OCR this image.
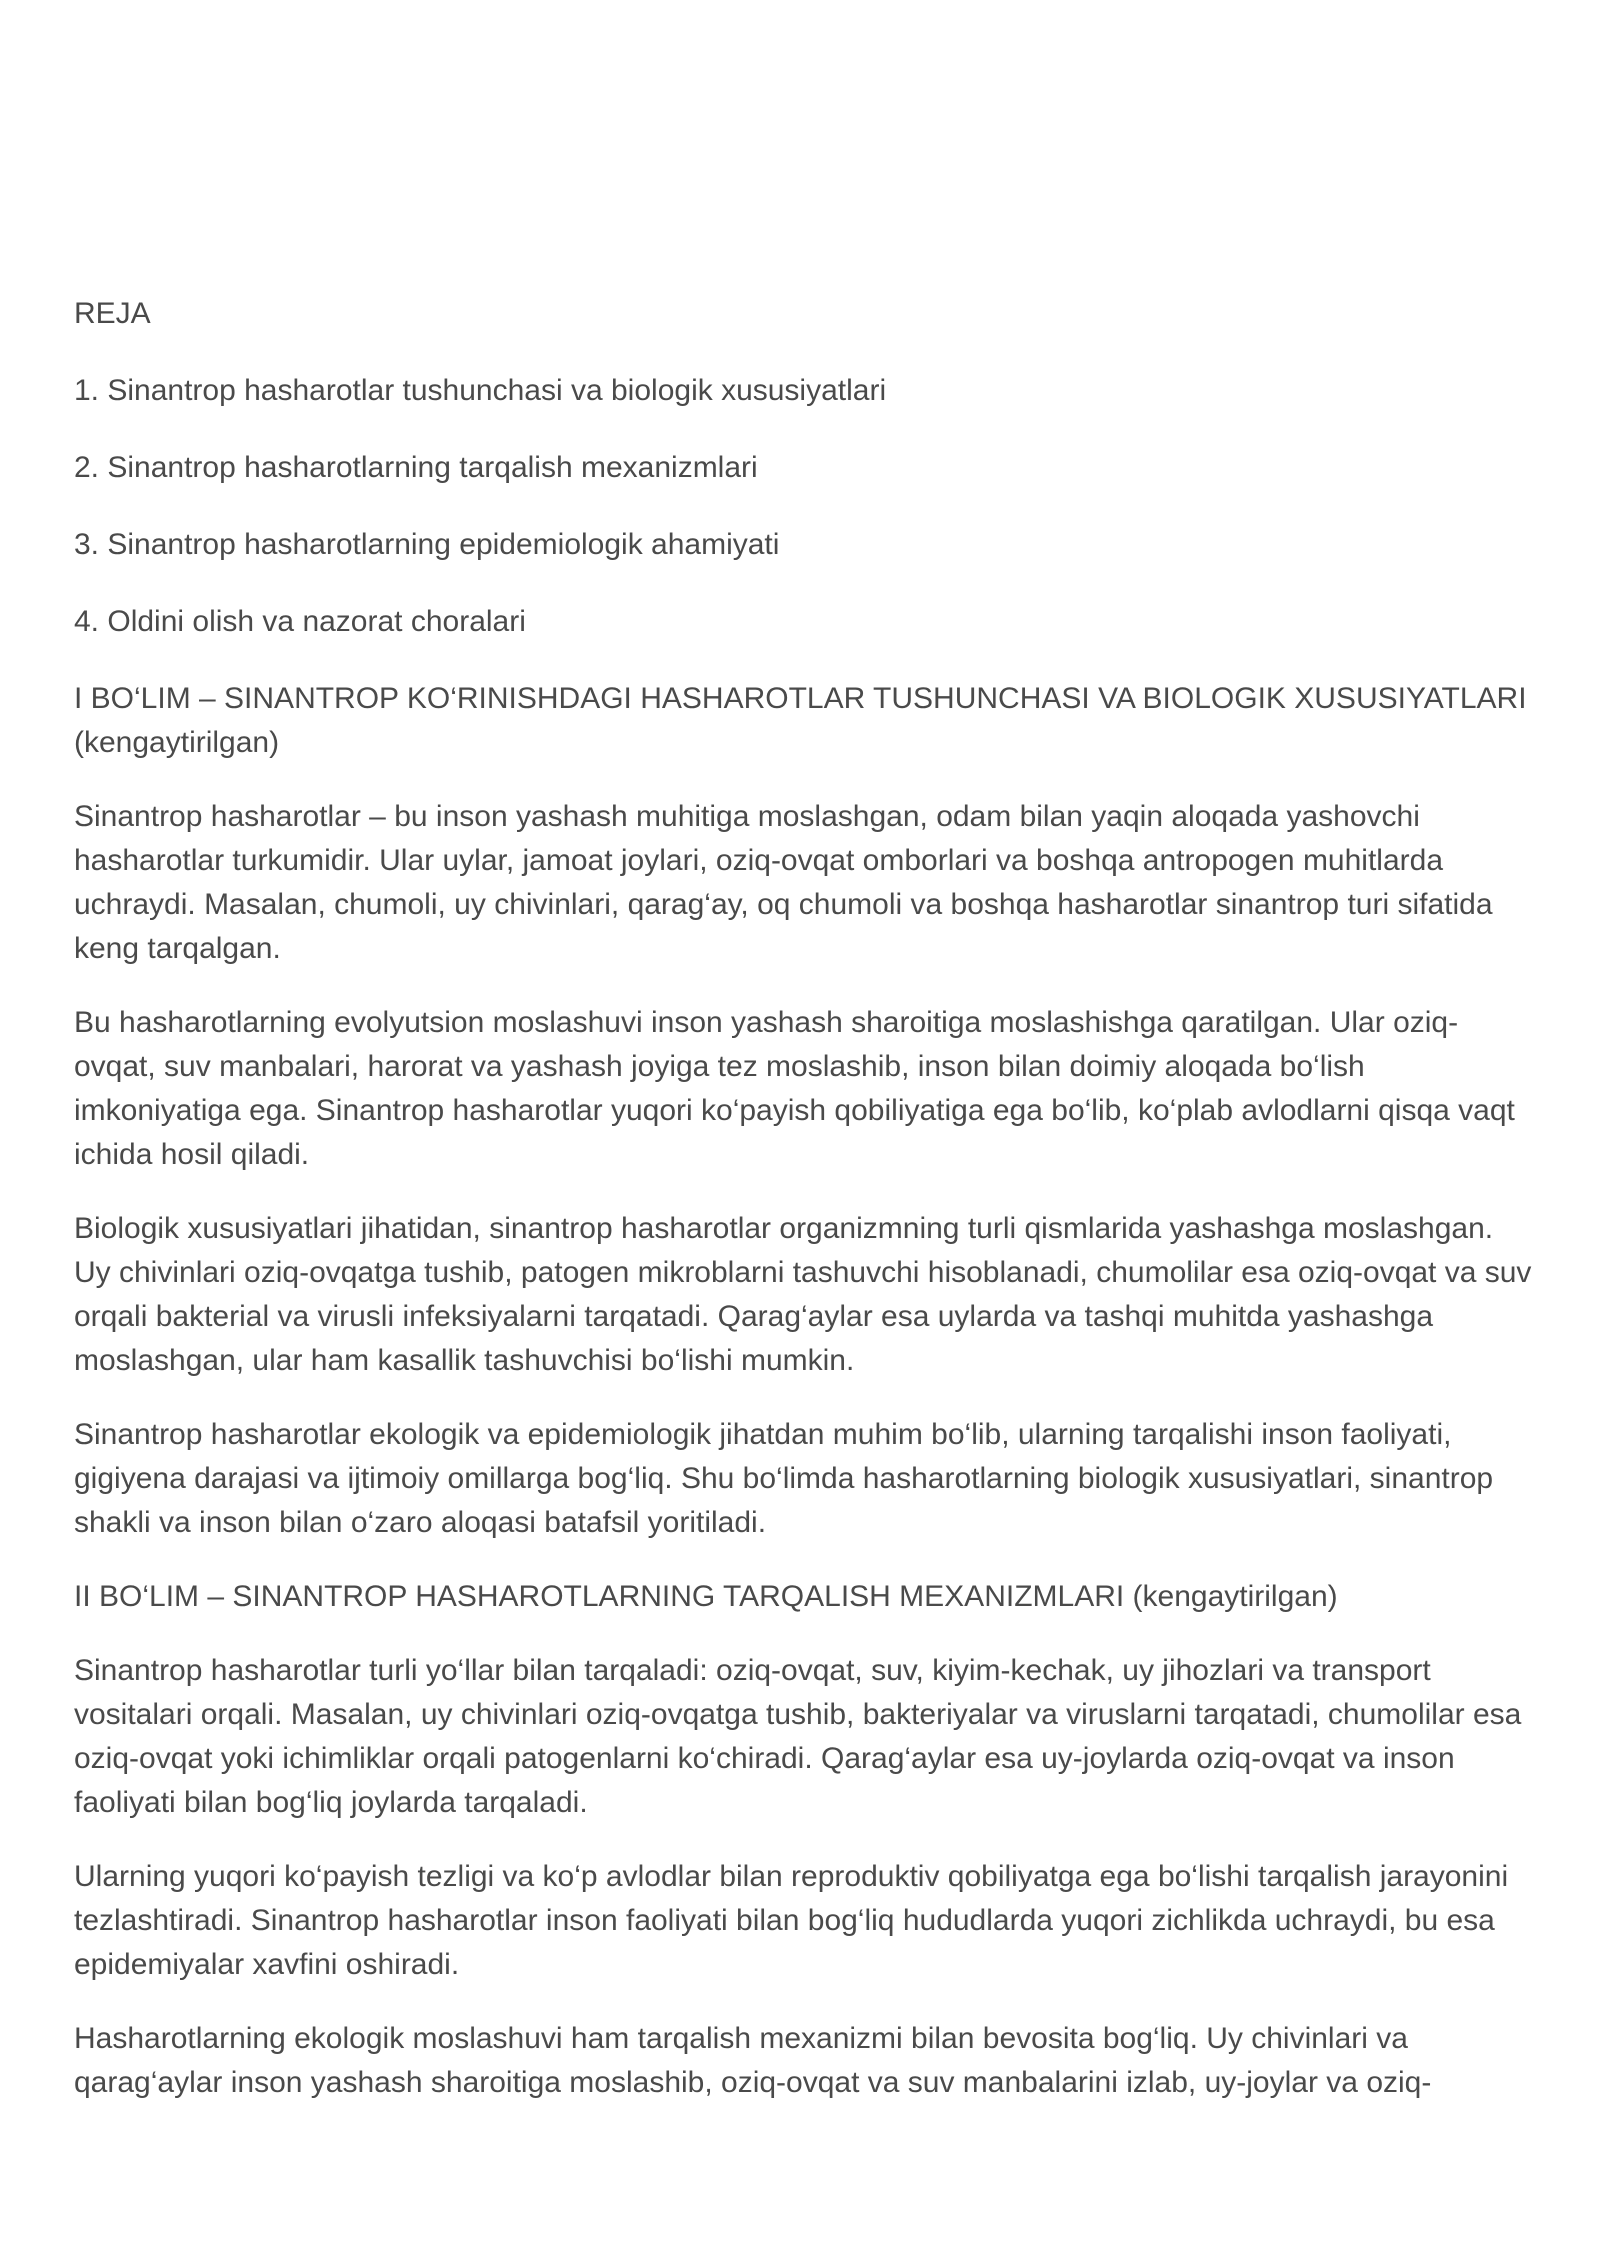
REJA

1. Sinantrop hasharotlar tushunchasi va biologik xususiyatlari

2. Sinantrop hasharotlarning tarqalish mexanizmlari

3. Sinantrop hasharotlarning epidemiologik ahamiyati

4. Oldini olish va nazorat choralari

I BO‘LIM – SINANTROP KO‘RINISHDAGI HASHAROTLAR TUSHUNCHASI VA BIOLOGIK XUSUSIYATLARI (kengaytirilgan)

Sinantrop hasharotlar – bu inson yashash muhitiga moslashgan, odam bilan yaqin aloqada yashovchi hasharotlar turkumidir. Ular uylar, jamoat joylari, oziq-ovqat omborlari va boshqa antropogen muhitlarda uchraydi. Masalan, chumoli, uy chivinlari, qarag‘ay, oq chumoli va boshqa hasharotlar sinantrop turi sifatida keng tarqalgan.

Bu hasharotlarning evolyutsion moslashuvi inson yashash sharoitiga moslashishga qaratilgan. Ular oziq-ovqat, suv manbalari, harorat va yashash joyiga tez moslashib, inson bilan doimiy aloqada bo‘lish imkoniyatiga ega. Sinantrop hasharotlar yuqori ko‘payish qobiliyatiga ega bo‘lib, ko‘plab avlodlarni qisqa vaqt ichida hosil qiladi.

Biologik xususiyatlari jihatidan, sinantrop hasharotlar organizmning turli qismlarida yashashga moslashgan. Uy chivinlari oziq-ovqatga tushib, patogen mikroblarni tashuvchi hisoblanadi, chumolilar esa oziq-ovqat va suv orqali bakterial va virusli infeksiyalarni tarqatadi. Qarag‘aylar esa uylarda va tashqi muhitda yashashga moslashgan, ular ham kasallik tashuvchisi bo‘lishi mumkin.

Sinantrop hasharotlar ekologik va epidemiologik jihatdan muhim bo‘lib, ularning tarqalishi inson faoliyati, gigiyena darajasi va ijtimoiy omillarga bog‘liq. Shu bo‘limda hasharotlarning biologik xususiyatlari, sinantrop shakli va inson bilan o‘zaro aloqasi batafsil yoritiladi.

II BO‘LIM – SINANTROP HASHAROTLARNING TARQALISH MEXANIZMLARI (kengaytirilgan)

Sinantrop hasharotlar turli yo‘llar bilan tarqaladi: oziq-ovqat, suv, kiyim-kechak, uy jihozlari va transport vositalari orqali. Masalan, uy chivinlari oziq-ovqatga tushib, bakteriyalar va viruslarni tarqatadi, chumolilar esa oziq-ovqat yoki ichimliklar orqali patogenlarni ko‘chiradi. Qarag‘aylar esa uy-joylarda oziq-ovqat va inson faoliyati bilan bog‘liq joylarda tarqaladi.

Ularning yuqori ko‘payish tezligi va ko‘p avlodlar bilan reproduktiv qobiliyatga ega bo‘lishi tarqalish jarayonini tezlashtiradi. Sinantrop hasharotlar inson faoliyati bilan bog‘liq hududlarda yuqori zichlikda uchraydi, bu esa epidemiyalar xavfini oshiradi.

Hasharotlarning ekologik moslashuvi ham tarqalish mexanizmi bilan bevosita bog‘liq. Uy chivinlari va qarag‘aylar inson yashash sharoitiga moslashib, oziq-ovqat va suv manbalarini izlab, uy-joylar va oziq-
